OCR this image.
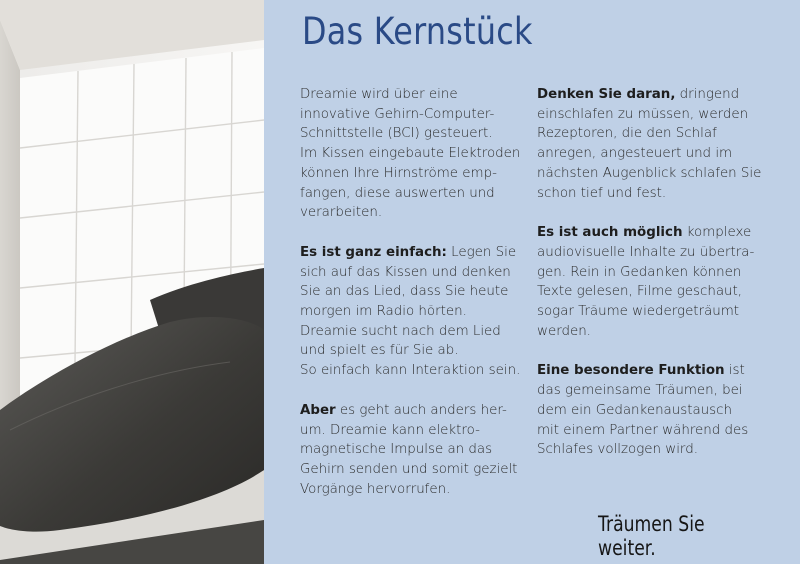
Das Kernstück

Dreamie wird über eine
innovative Gehirn-Computer-
Schnittstelle (BCI) gesteuert.
Im Kissen eingebaute Elektroden
können Ihre Hirnströme emp-
fangen, diese auswerten und
verarbeiten.

Es ist ganz einfach: Legen Sie
sich auf das Kissen und denken
Sie an das Lied, dass Sie heute
morgen im Radio hörten.
Dreamie sucht nach dem Lied
und spielt es für Sie ab.
So einfach kann Interaktion sein.

Aber es geht auch anders her-
um. Dreamie kann elektro-
magnetische Impulse an das
Gehirn senden und somit gezielt
Vorgänge hervorrufen.

Denken Sie daran, dringend
einschlafen zu müssen, werden
Rezeptoren, die den Schlaf
anregen, angesteuert und im
nächsten Augenblick schlafen Sie
schon tief und fest.

Es ist auch möglich komplexe
audiovisuelle Inhalte zu übertra-
gen. Rein in Gedanken können
Texte gelesen, Filme geschaut,
sogar Träume wiedergeträumt
werden.

Eine besondere Funktion ist
das gemeinsame Träumen, bei
dem ein Gedankenaustausch
mit einem Partner während des
Schlafes vollzogen wird.

Träumen Sie weiter.
